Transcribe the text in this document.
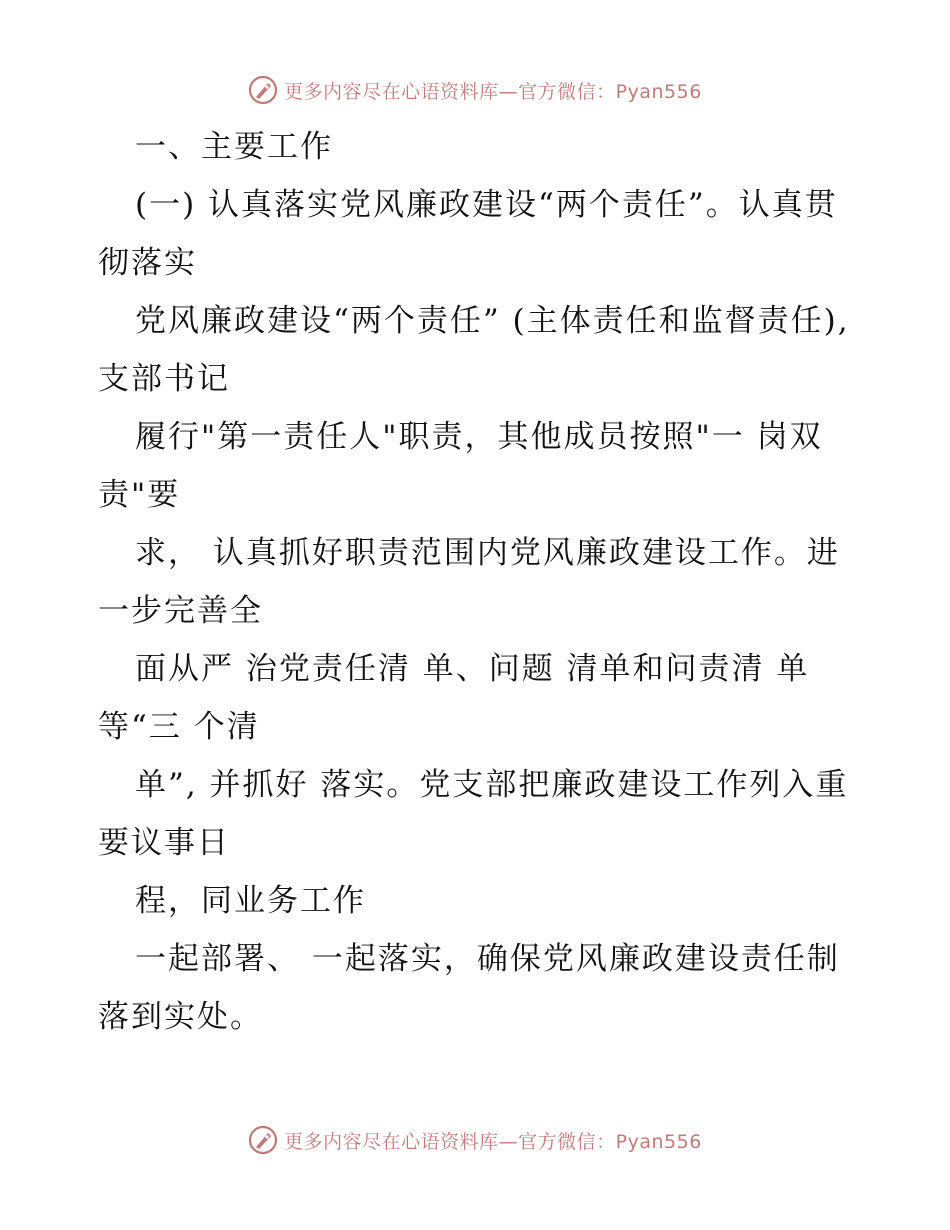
更多内容尽在心语资料库—官方微信：Pyan556

一、主要工作

(一) 认真落实党风廉政建设“两个责任”。认真贯彻落实

党风廉政建设“两个责任” (主体责任和监督责任), 支部书记

履行"第一责任人"职责，其他成员按照"一 岗双责"要

求， 认真抓好职责范围内党风廉政建设工作。进一步完善全

面从严 治党责任清 单、问题 清单和问责清 单等“三 个清

单”, 并抓好 落实。党支部把廉政建设工作列入重要议事日

程，同业务工作

一起部署、 一起落实，确保党风廉政建设责任制落到实处。

更多内容尽在心语资料库—官方微信：Pyan556
